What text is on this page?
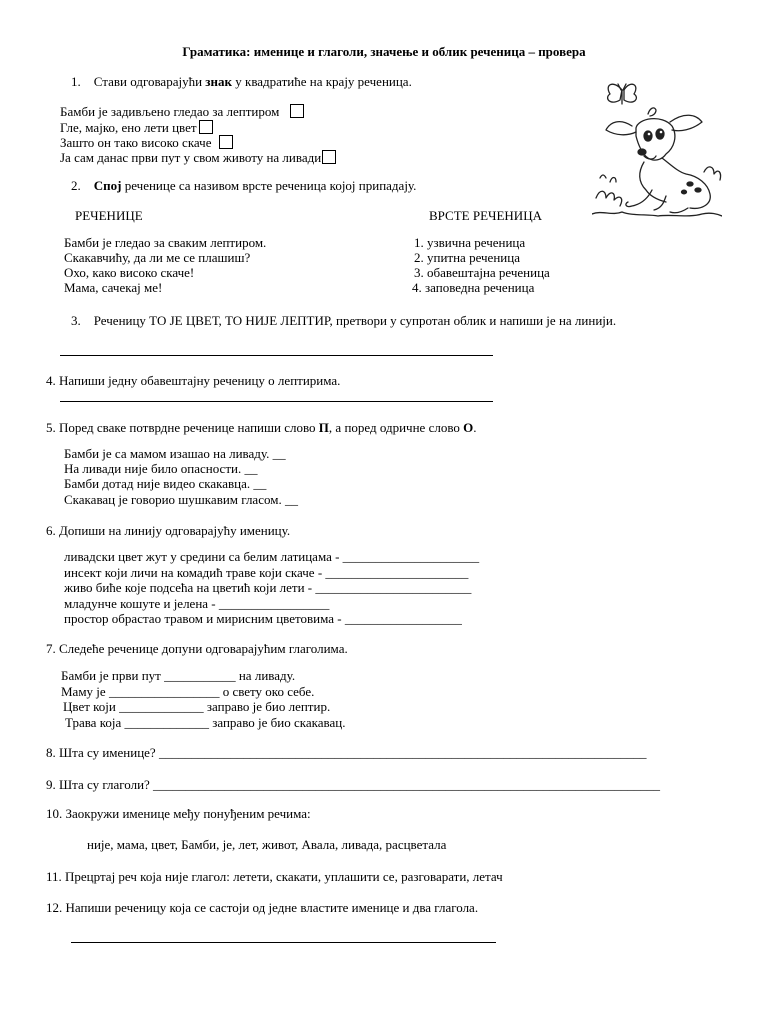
Граматика: именице и глаголи, значење и облик реченица – провера
1. Стави одговарајући знак у квадратиће на крају реченица.
Бамби је задивљено гледао за лептиром
Гле, мајко, ено лети цвет
Зашто он тако високо скаче
Ја сам данас први пут у свом животу на ливади
2. Спој реченице са називом врсте реченица којој припадају.
РЕЧЕНИЦЕ	ВРСТЕ РЕЧЕНИЦА
Бамби је гледао за сваким лептиром.
Скакавчићу, да ли ме се плашиш?
Охо, како високо скаче!
Мама, сачекај ме!
1. узвична реченица
2. упитна реченица
3. обавештајна реченица
4. заповедна реченица
3. Реченицу ТО ЈЕ ЦВЕТ, ТО НИЈЕ ЛЕПТИР, претвори у супротан облик и напиши је на линији.
4. Напиши једну обавештајну реченицу о лептирима.
5. Поред сваке потврдне реченице напиши слово П, а поред одричне слово О.
Бамби је са мамом изашао на ливаду. __
На ливади није било опасности. __
Бамби дотад није видео скакавца. __
Скакавац је говорио шушкавим гласом. __
6. Допиши на линију одговарајућу именицу.
ливадски цвет жут у средини са белим латицама - _____________________
инсект који личи на комадић траве који скаче - ______________________
живо биће које подсећа на цветић који лети - ________________________
младунче кошуте и јелена - _________________
простор обрастао травом и мирисним цветовима - __________________
7. Следеће реченице допуни одговарајућим глаголима.
Бамби је први пут ___________ на ливаду.
Маму је _________________ о свету око себе.
Цвет који _____________ заправо је био лептир.
Трава која _____________ заправо је био скакавац.
8. Шта су именице? ___________________________________________________________________________
9. Шта су глаголи? ______________________________________________________________________________
10. Заокружи именице међу понуђеним речима:
није, мама, цвет, Бамби, је, лет, живот, Авала, ливада, расцветала
11. Прецртај реч која није глагол: летети, скакати, уплашити се, разговарати, летач
12. Напиши реченицу која се састоји од једне властите именице и два глагола.
